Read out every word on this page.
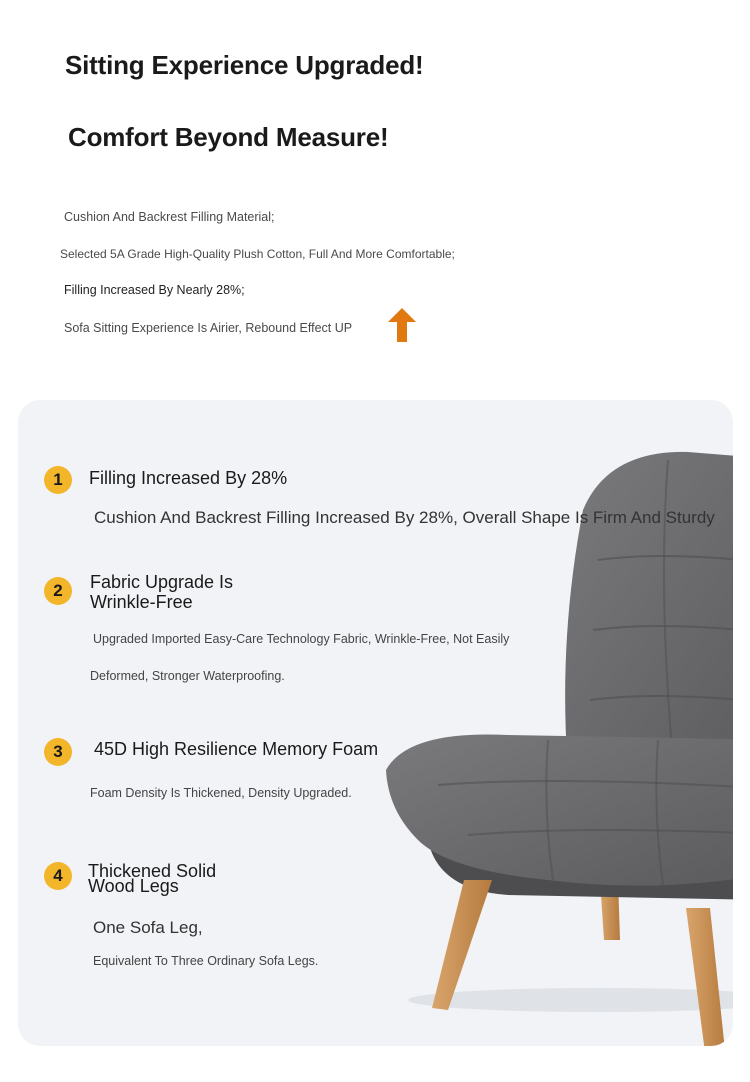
Sitting Experience Upgraded!
Comfort Beyond Measure!
Cushion And Backrest Filling Material;
Selected 5A Grade High-Quality Plush Cotton, Full And More Comfortable;
Filling Increased By Nearly 28%;
Sofa Sitting Experience Is Airier, Rebound Effect UP
1	Filling Increased By 28%
Cushion And Backrest Filling Increased By 28%, Overall Shape Is Firm And Sturdy
2	Fabric Upgrade Is
Wrinkle-Free
Upgraded Imported Easy-Care Technology Fabric, Wrinkle-Free, Not Easily
Deformed, Stronger Waterproofing.
3	45D High Resilience Memory Foam
Foam Density Is Thickened, Density Upgraded.
4	Thickened Solid
Wood Legs
One Sofa Leg,
Equivalent To Three Ordinary Sofa Legs.
